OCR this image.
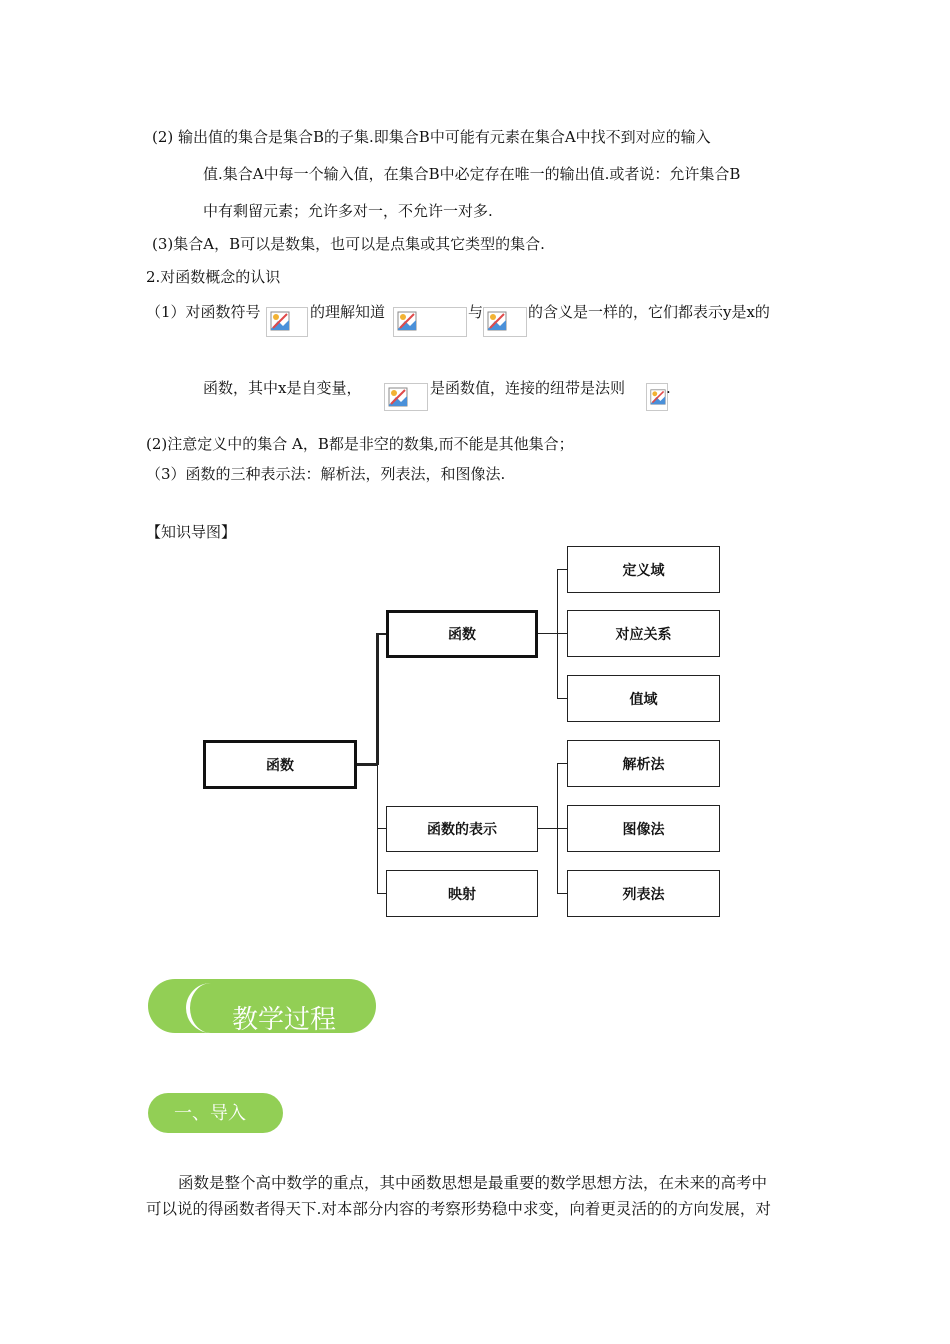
(2) 输出值的集合是集合B的子集.即集合B中可能有元素在集合A中找不到对应的输入
值.集合A中每一个输入值，在集合B中必定存在唯一的输出值.或者说：允许集合B
中有剩留元素；允许多对一，不允许一对多.
(3)集合A，B可以是数集，也可以是点集或其它类型的集合.
2.对函数概念的认识
（1）对函数符号	的理解知道	与	的含义是一样的，它们都表示y是x的
函数，其中x是自变量，	是函数值，连接的纽带是法则	.
(2)注意定义中的集合 A，B都是非空的数集,而不能是其他集合；
（3）函数的三种表示法：解析法，列表法，和图像法.
【知识导图】
函数
函数
函数的表示
映射
定义域
对应关系
值域
解析法
图像法
列表法
教学过程
一、导入
函数是整个高中数学的重点，其中函数思想是最重要的数学思想方法，在未来的高考中
可以说的得函数者得天下.对本部分内容的考察形势稳中求变，向着更灵活的的方向发展，对
